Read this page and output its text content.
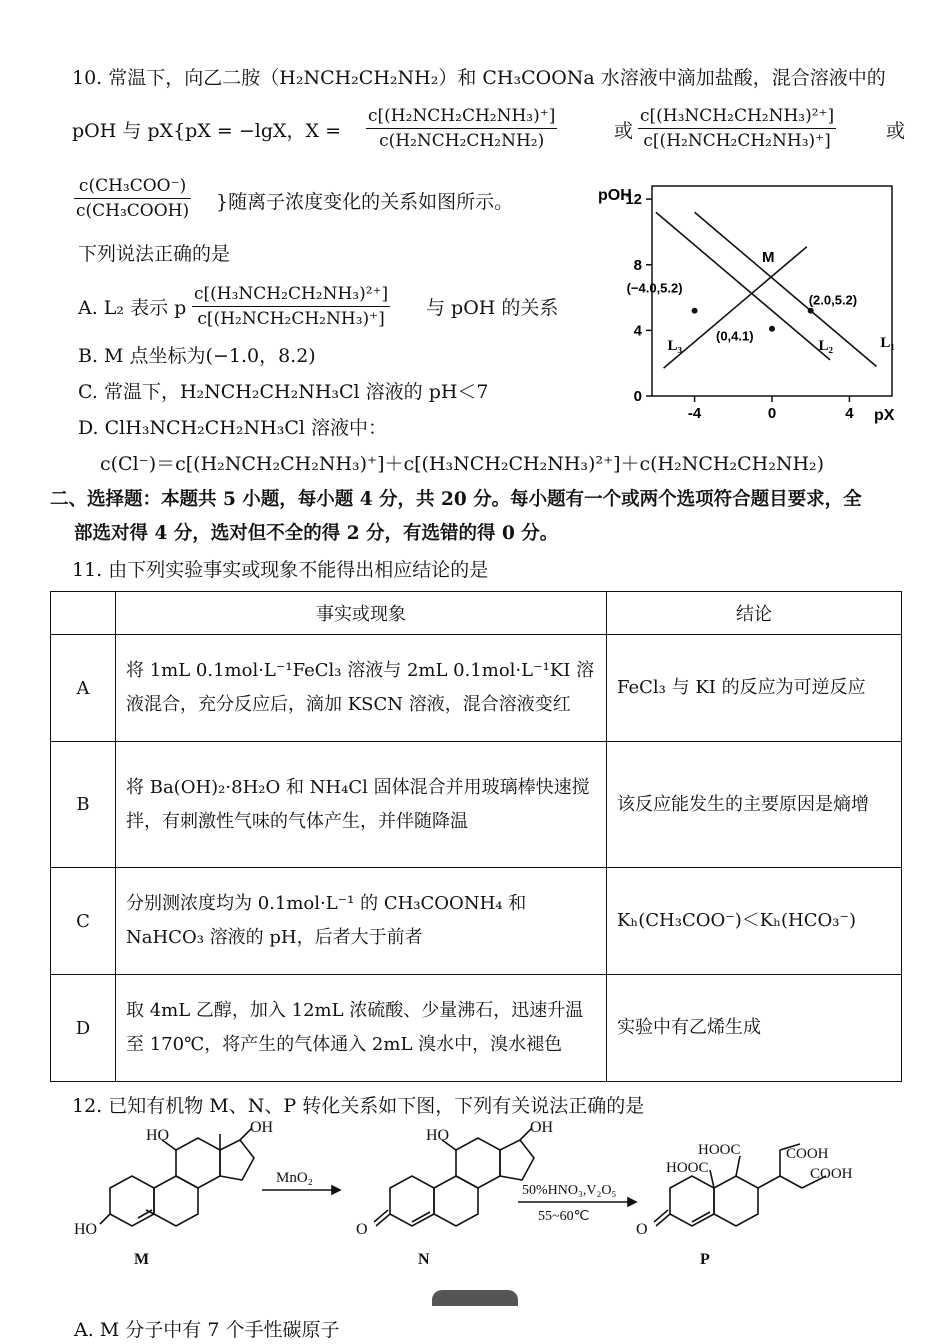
10. 常温下，向乙二胺（H₂NCH₂CH₂NH₂）和 CH₃COONa 水溶液中滴加盐酸，混合溶液中的
pOH 与 pX{pX = −lgX，X =
c[(H₂NCH₂CH₂NH₃)⁺]
c(H₂NCH₂CH₂NH₂)	或
c[(H₃NCH₂CH₂NH₃)²⁺]
c[(H₂NCH₂CH₂NH₃)⁺]	或
c(CH₃COO⁻)
c(CH₃COOH) }随离子浓度变化的关系如图所示。
下列说法正确的是
A. L₂ 表示 p
c[(H₃NCH₂CH₂NH₃)²⁺]
c[(H₂NCH₂CH₂NH₃)⁺] 与 pOH 的关系
B. M 点坐标为(−1.0，8.2)
C. 常温下，H₂NCH₂CH₂NH₃Cl 溶液的 pH＜7
D. ClH₃NCH₂CH₂NH₃Cl 溶液中：
c(Cl⁻)＝c[(H₂NCH₂CH₂NH₃)⁺]＋c[(H₃NCH₂CH₂NH₃)²⁺]＋c(H₂NCH₂CH₂NH₂)
pOH
pX
0
4
8
12
-4	0	4
L₁
L₂
L₃
(−4.0,5.2)
(0,4.1)
(2.0,5.2)
M
二、选择题：本题共 5 小题，每小题 4 分，共 20 分。每小题有一个或两个选项符合题目要求，全
部选对得 4 分，选对但不全的得 2 分，有选错的得 0 分。
11. 由下列实验事实或现象不能得出相应结论的是
	事实或现象	结论
A	将 1mL 0.1mol·L⁻¹FeCl₃ 溶液与 2mL 0.1mol·L⁻¹KI 溶液混合，充分反应后，滴加 KSCN 溶液，混合溶液变红	FeCl₃ 与 KI 的反应为可逆反应
B	将 Ba(OH)₂·8H₂O 和 NH₄Cl 固体混合并用玻璃棒快速搅拌，有刺激性气味的气体产生，并伴随降温	该反应能发生的主要原因是熵增
C	分别测浓度均为 0.1mol·L⁻¹ 的 CH₃COONH₄ 和 NaHCO₃ 溶液的 pH，后者大于前者	Kₕ(CH₃COO⁻)＜Kₕ(HCO₃⁻)
D	取 4mL 乙醇，加入 12mL 浓硫酸、少量沸石，迅速升温至 170℃，将产生的气体通入 2mL 溴水中，溴水褪色	实验中有乙烯生成
12. 已知有机物 M、N、P 转化关系如下图，下列有关说法正确的是
HO
HO	OH
M
MnO₂
O
HO	OH
N
50%HNO₃,V₂O₅
55~60℃
O
HOOC
HOOC	COOH
COOH
P
A. M 分子中有 7 个手性碳原子
